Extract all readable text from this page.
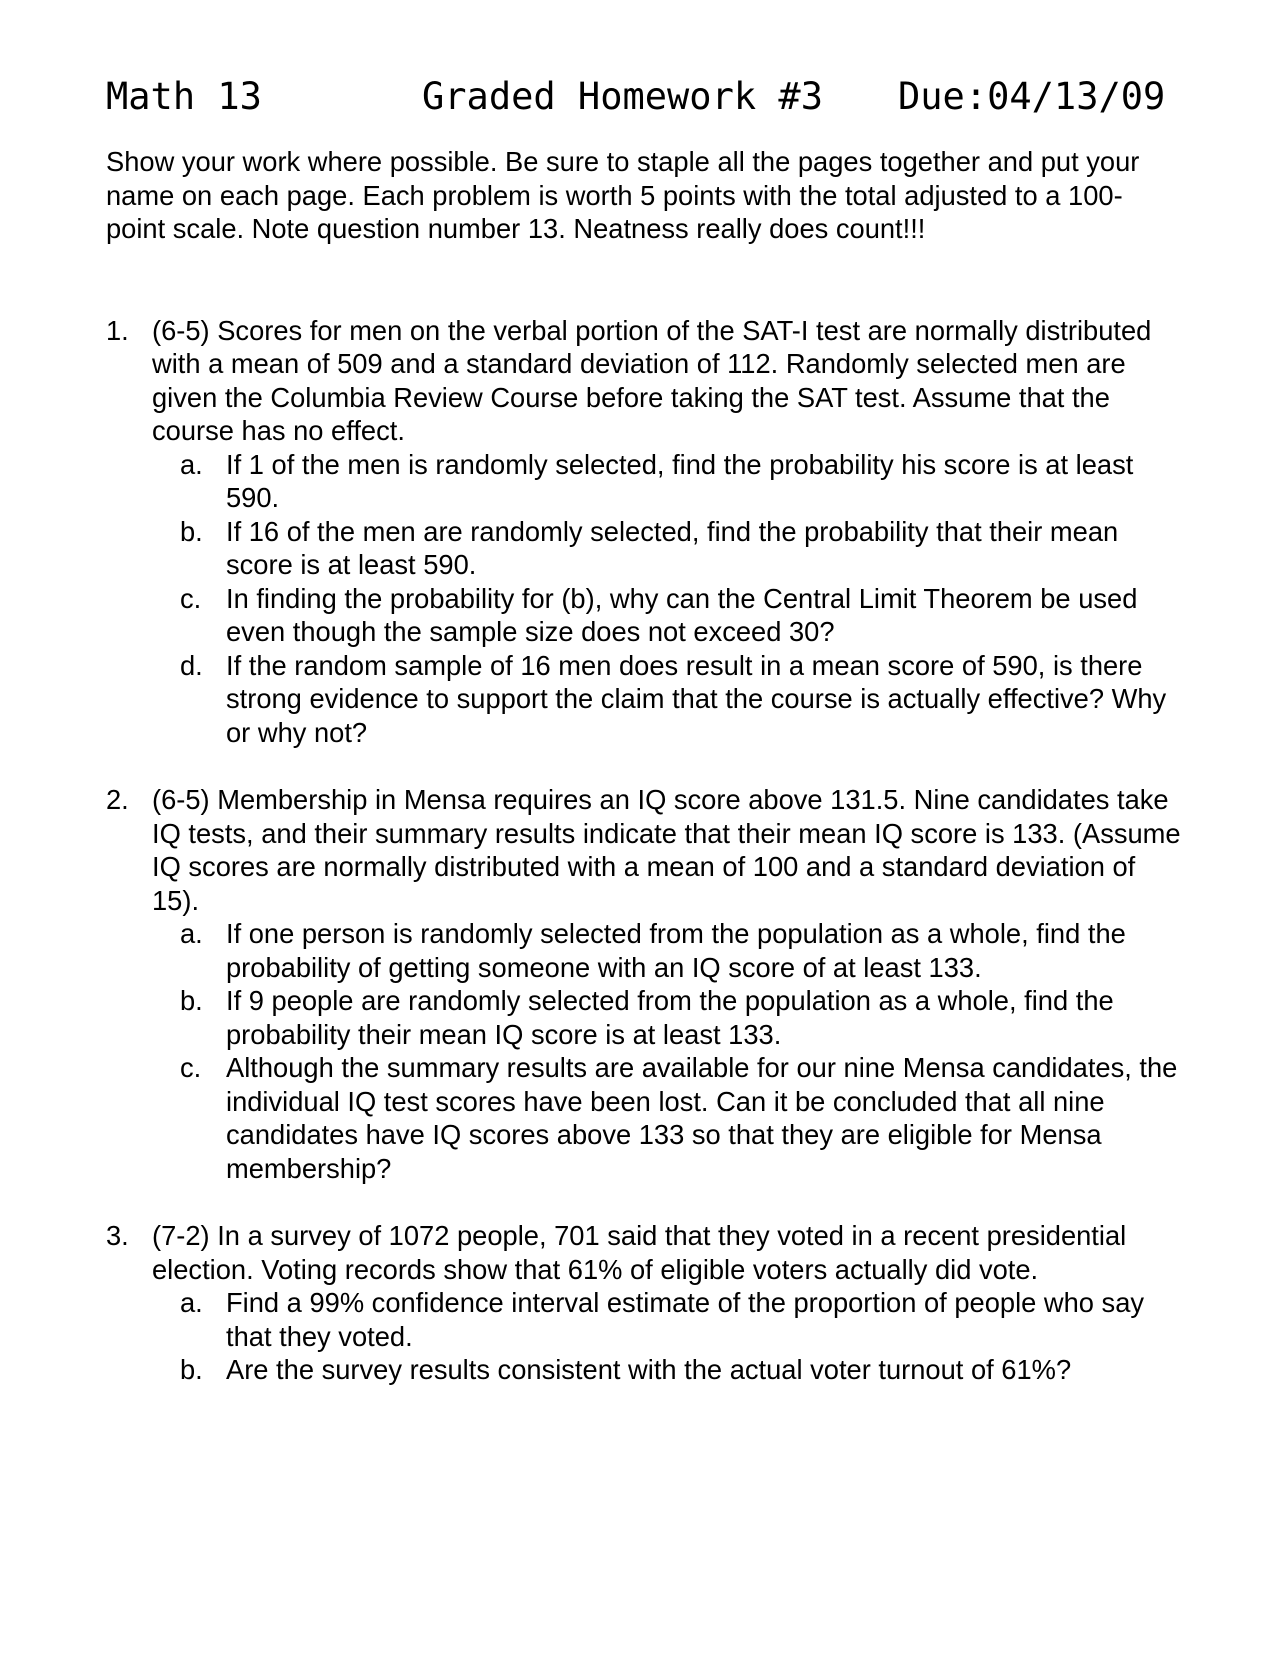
Math 13	Graded Homework #3 Due:04/13/09

Show your work where possible. Be sure to staple all the pages together and put your name on each page. Each problem is worth 5 points with the total adjusted to a 100-point scale. Note question number 13. Neatness really does count!!!

1. (6-5) Scores for men on the verbal portion of the SAT-I test are normally distributed with a mean of 509 and a standard deviation of 112. Randomly selected men are given the Columbia Review Course before taking the SAT test. Assume that the course has no effect.

a. If 1 of the men is randomly selected, find the probability his score is at least 590.
b. If 16 of the men are randomly selected, find the probability that their mean score is at least 590.
c. In finding the probability for (b), why can the Central Limit Theorem be used even though the sample size does not exceed 30?
d. If the random sample of 16 men does result in a mean score of 590, is there strong evidence to support the claim that the course is actually effective? Why or why not?
2. (6-5) Membership in Mensa requires an IQ score above 131.5. Nine candidates take IQ tests, and their summary results indicate that their mean IQ score is 133. (Assume IQ scores are normally distributed with a mean of 100 and a standard deviation of 15).

a. If one person is randomly selected from the population as a whole, find the probability of getting someone with an IQ score of at least 133.
b. If 9 people are randomly selected from the population as a whole, find the probability their mean IQ score is at least 133.
c. Although the summary results are available for our nine Mensa candidates, the individual IQ test scores have been lost. Can it be concluded that all nine candidates have IQ scores above 133 so that they are eligible for Mensa membership?
3. (7-2) In a survey of 1072 people, 701 said that they voted in a recent presidential election. Voting records show that 61% of eligible voters actually did vote.

a. Find a 99% confidence interval estimate of the proportion of people who say that they voted.
b. Are the survey results consistent with the actual voter turnout of 61%?
